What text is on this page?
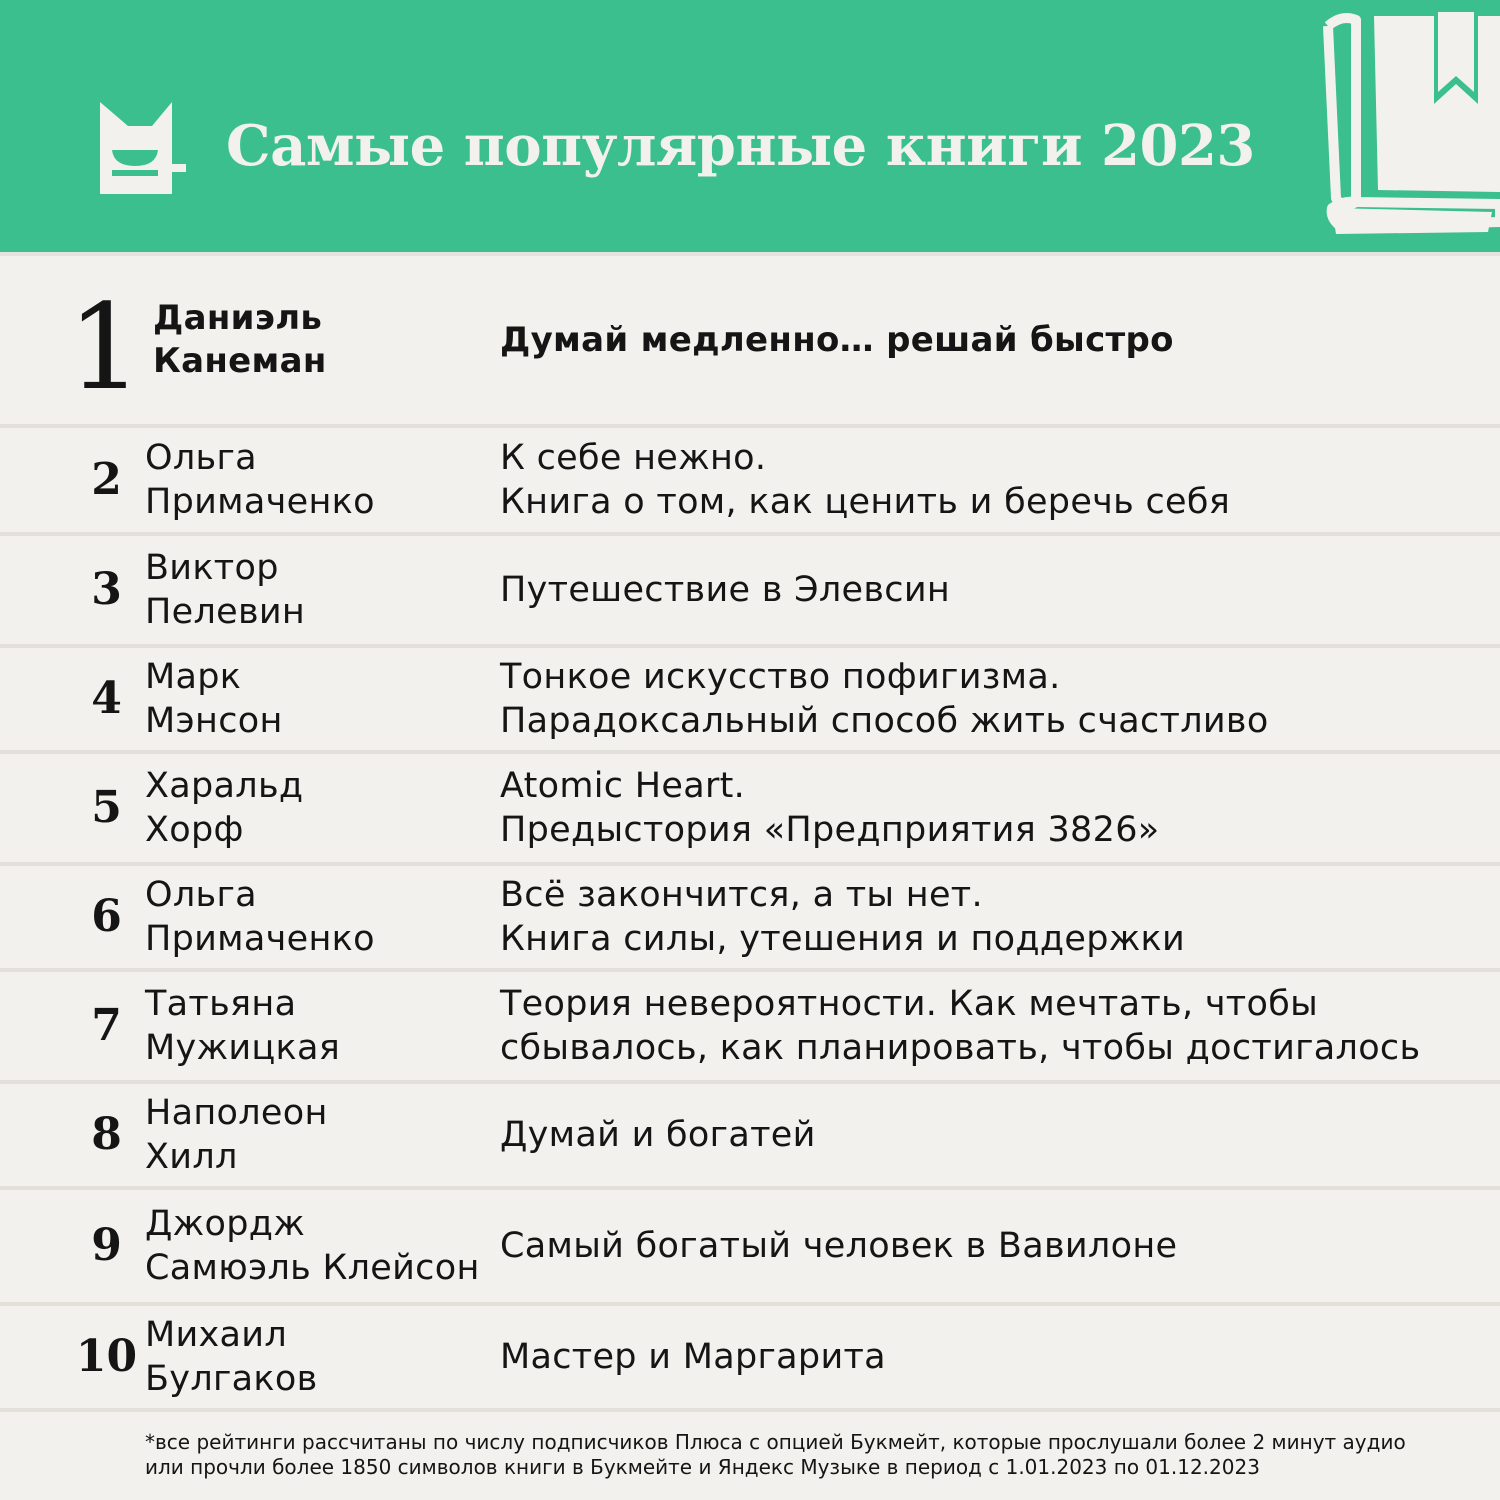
Самые популярные книги 2023
1 Даниэль
Канеман
Думай медленно… решай быстро
2 Ольга
Примаченко
К себе нежно.
Книга о том, как ценить и беречь себя
3 Виктор
Пелевин
Путешествие в Элевсин
4 Марк
Мэнсон
Тонкое искусство пофигизма.
Парадоксальный способ жить счастливо
5 Харальд
Хорф
Atomic Heart.
Предыстория «Предприятия 3826»
6 Ольга
Примаченко
Всё закончится, а ты нет.
Книга силы, утешения и поддержки
7 Татьяна
Мужицкая
Теория невероятности. Как мечтать, чтобы
сбывалось, как планировать, чтобы достигалось
8 Наполеон
Хилл
Думай и богатей
9 Джордж
Самюэль Клейсон
Самый богатый человек в Вавилоне
10 Михаил
Булгаков
Мастер и Маргарита
*все рейтинги рассчитаны по числу подписчиков Плюса с опцией Букмейт, которые прослушали более 2 минут аудио
или прочли более 1850 символов книги в Букмейте и Яндекс Музыке в период с 1.01.2023 по 01.12.2023
